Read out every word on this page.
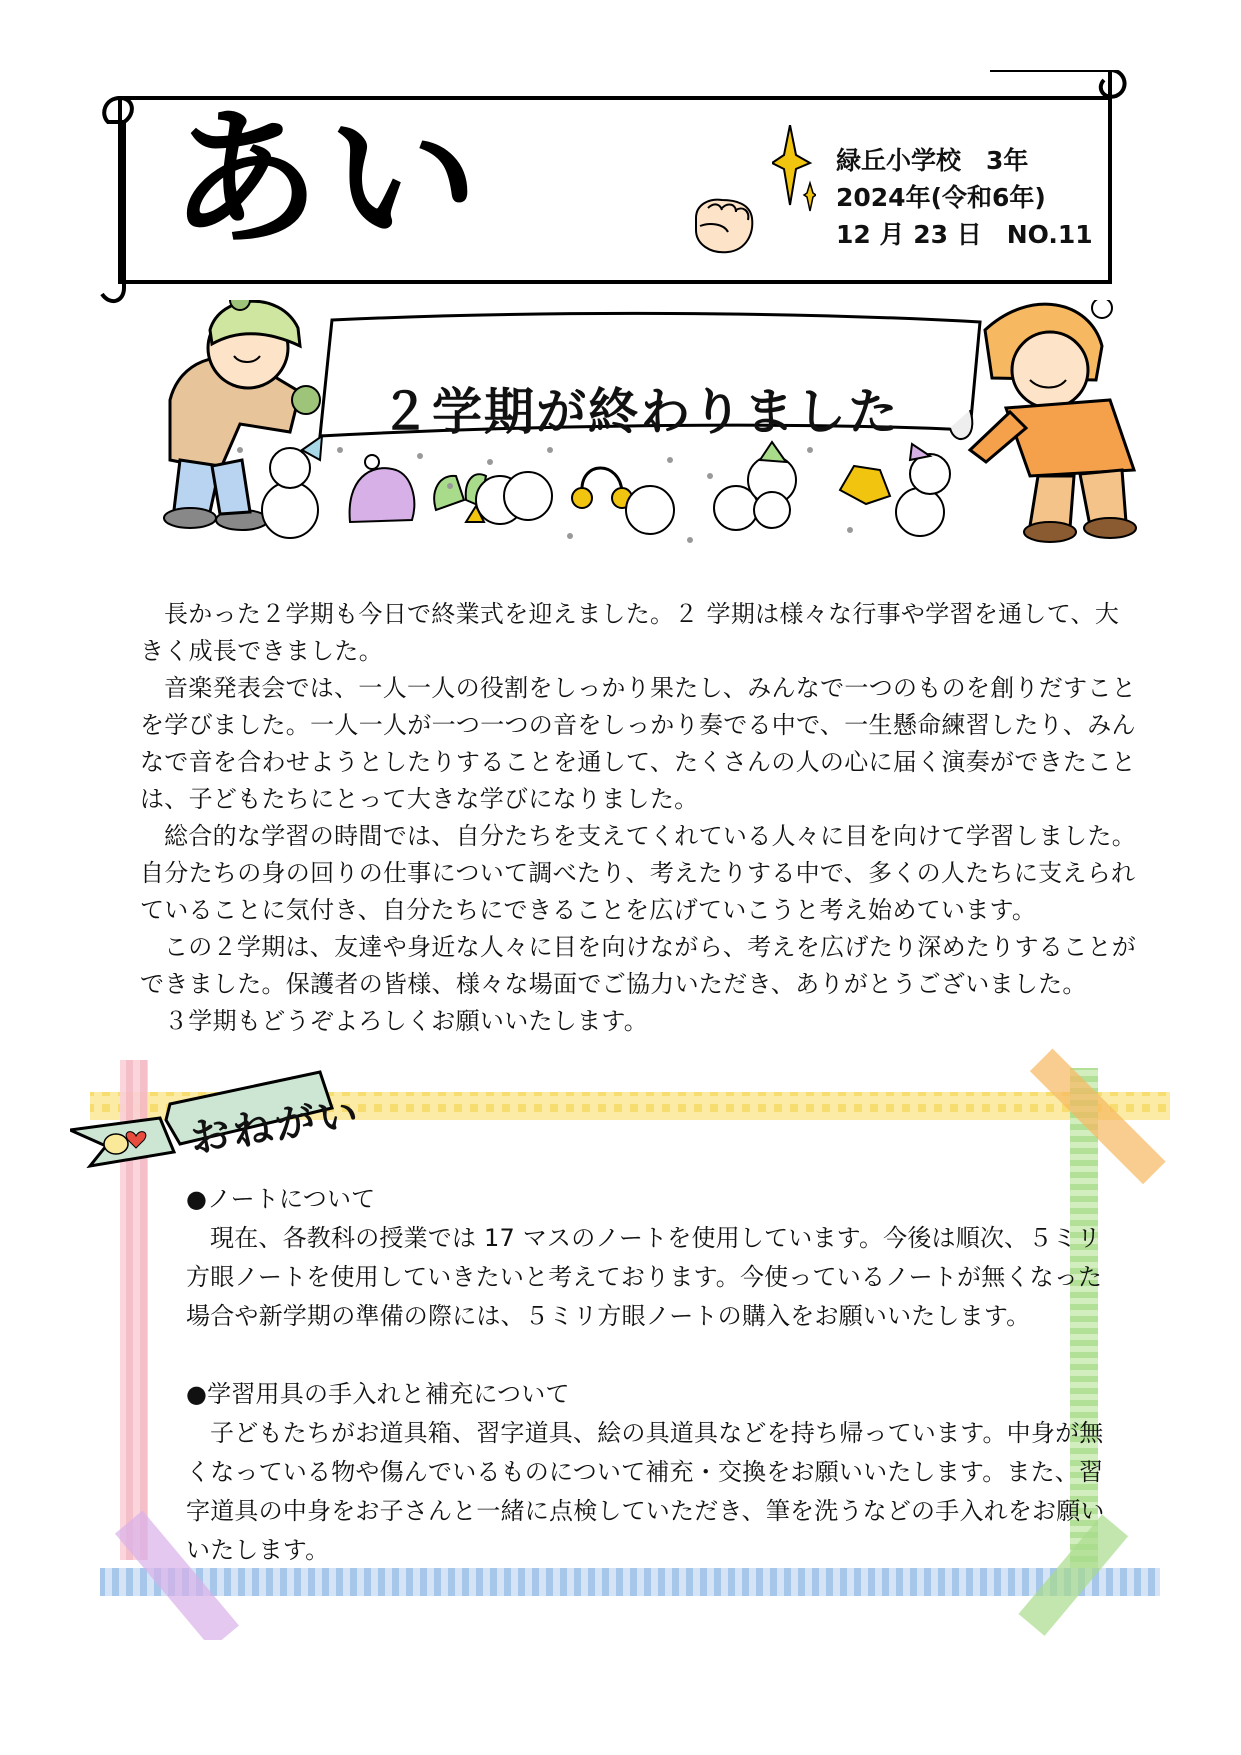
あい	緑丘小学校　3年
2024年(令和6年)
12 月 23 日　NO.11
２学期が終わりました

長かった２学期も今日で終業式を迎えました。２ 学期は様々な行事や学習を通して、大きく成長できました。

音楽発表会では、一人一人の役割をしっかり果たし、みんなで一つのものを創りだすことを学びました。一人一人が一つ一つの音をしっかり奏でる中で、一生懸命練習したり、みんなで音を合わせようとしたりすることを通して、たくさんの人の心に届く演奏ができたことは、子どもたちにとって大きな学びになりました。

総合的な学習の時間では、自分たちを支えてくれている人々に目を向けて学習しました。自分たちの身の回りの仕事について調べたり、考えたりする中で、多くの人たちに支えられていることに気付き、自分たちにできることを広げていこうと考え始めています。

この２学期は、友達や身近な人々に目を向けながら、考えを広げたり深めたりすることができました。保護者の皆様、様々な場面でご協力いただき、ありがとうございました。

３学期もどうぞよろしくお願いいたします。

おねがい
●ノートについて

現在、各教科の授業では 17 マスのノートを使用しています。今後は順次、５ミリ方眼ノートを使用していきたいと考えております。今使っているノートが無くなった場合や新学期の準備の際には、５ミリ方眼ノートの購入をお願いいたします。

●学習用具の手入れと補充について

子どもたちがお道具箱、習字道具、絵の具道具などを持ち帰っています。中身が無くなっている物や傷んでいるものについて補充・交換をお願いいたします。また、習字道具の中身をお子さんと一緒に点検していただき、筆を洗うなどの手入れをお願いいたします。
